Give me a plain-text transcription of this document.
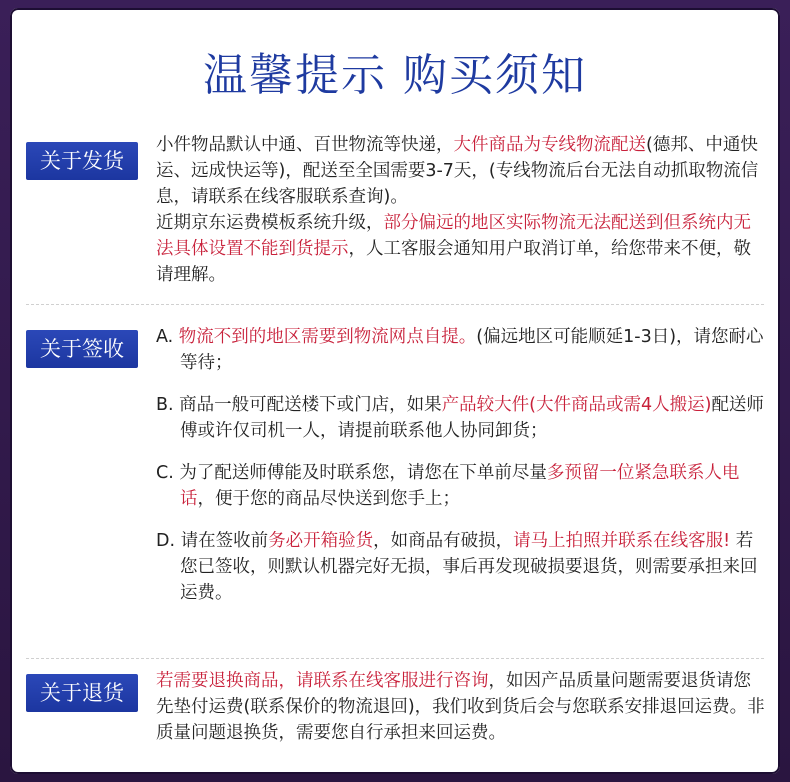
温馨提示 购买须知
关于发货

小件物品默认中通、百世物流等快递，大件商品为专线物流配送(德邦、中通快运、远成快运等)，配送至全国需要3-7天，(专线物流后台无法自动抓取物流信息，请联系在线客服联系查询)。

近期京东运费模板系统升级，部分偏远的地区实际物流无法配送到但系统内无法具体设置不能到货提示，人工客服会通知用户取消订单，给您带来不便，敬请理解。

关于签收	A. 物流不到的地区需要到物流网点自提。(偏远地区可能顺延1-3日)，请您耐心等待；

B. 商品一般可配送楼下或门店，如果产品较大件(大件商品或需4人搬运)配送师傅或许仅司机一人，请提前联系他人协同卸货；

C. 为了配送师傅能及时联系您，请您在下单前尽量多预留一位紧急联系人电话，便于您的商品尽快送到您手上；

D. 请在签收前务必开箱验货，如商品有破损，请马上拍照并联系在线客服! 若您已签收，则默认机器完好无损，事后再发现破损要退货，则需要承担来回运费。

关于退货	若需要退换商品，请联系在线客服进行咨询，如因产品质量问题需要退货请您先垫付运费(联系保价的物流退回)，我们收到货后会与您联系安排退回运费。非质量问题退换货，需要您自行承担来回运费。
